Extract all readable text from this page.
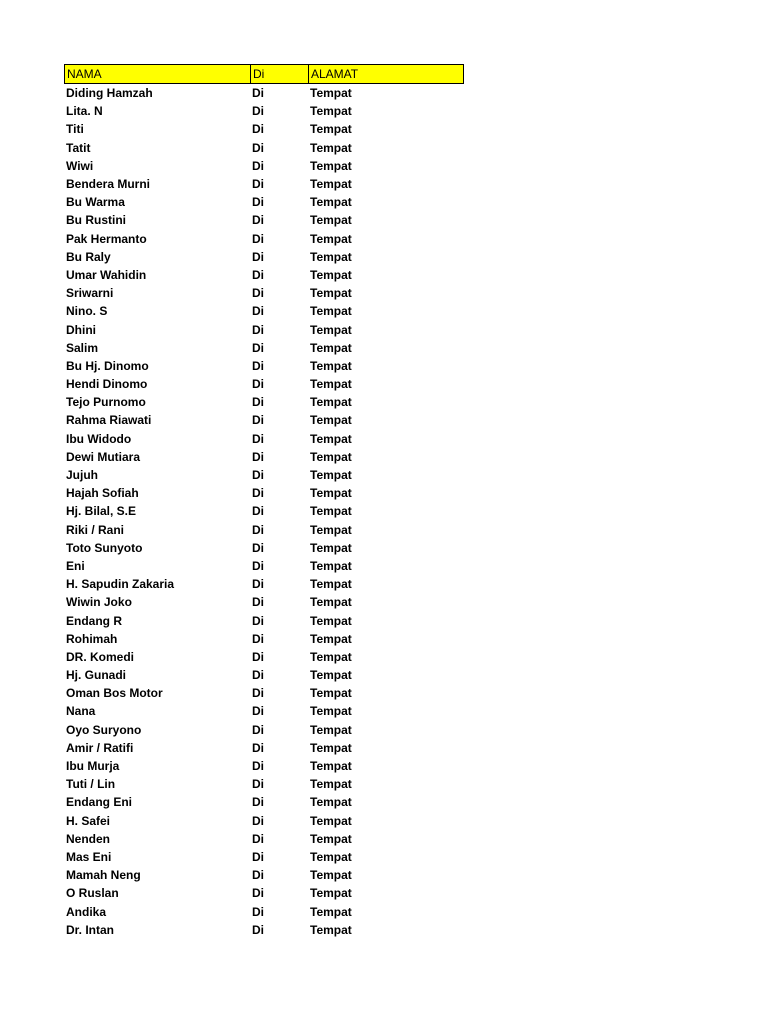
NAMA	Di	ALAMAT
Diding Hamzah	Di	Tempat
Lita. N	Di	Tempat
Titi	Di	Tempat
Tatit	Di	Tempat
Wiwi	Di	Tempat
Bendera Murni	Di	Tempat
Bu Warma	Di	Tempat
Bu Rustini	Di	Tempat
Pak Hermanto	Di	Tempat
Bu Raly	Di	Tempat
Umar Wahidin	Di	Tempat
Sriwarni	Di	Tempat
Nino. S	Di	Tempat
Dhini	Di	Tempat
Salim	Di	Tempat
Bu Hj. Dinomo	Di	Tempat
Hendi Dinomo	Di	Tempat
Tejo Purnomo	Di	Tempat
Rahma Riawati	Di	Tempat
Ibu Widodo	Di	Tempat
Dewi Mutiara	Di	Tempat
Jujuh	Di	Tempat
Hajah Sofiah	Di	Tempat
Hj. Bilal, S.E	Di	Tempat
Riki / Rani	Di	Tempat
Toto Sunyoto	Di	Tempat
Eni	Di	Tempat
H. Sapudin Zakaria	Di	Tempat
Wiwin Joko	Di	Tempat
Endang R	Di	Tempat
Rohimah	Di	Tempat
DR. Komedi	Di	Tempat
Hj. Gunadi	Di	Tempat
Oman Bos Motor	Di	Tempat
Nana	Di	Tempat
Oyo Suryono	Di	Tempat
Amir / Ratifi	Di	Tempat
Ibu Murja	Di	Tempat
Tuti / Lin	Di	Tempat
Endang Eni	Di	Tempat
H. Safei	Di	Tempat
Nenden	Di	Tempat
Mas Eni	Di	Tempat
Mamah Neng	Di	Tempat
O Ruslan	Di	Tempat
Andika	Di	Tempat
Dr. Intan	Di	Tempat
